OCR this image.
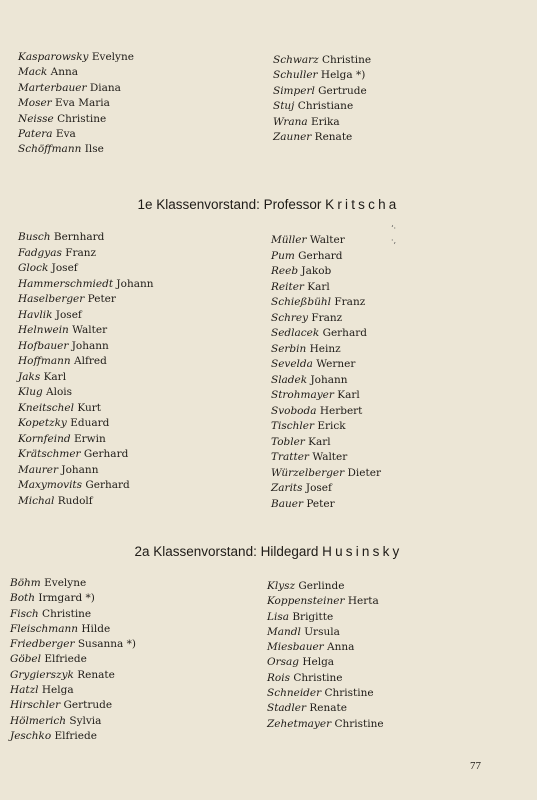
Kasparowsky Evelyne
Mack Anna
Marterbauer Diana
Moser Eva Maria
Neisse Christine
Patera Eva
Schöffmann Ilse
Schwarz Christine
Schuller Helga *)
Simperl Gertrude
Stuj Christiane
Wrana Erika
Zauner Renate
1e Klassenvorstand: Professor Kritscha
‘·
·‚
Busch Bernhard
Fadgyas Franz
Glock Josef
Hammerschmiedt Johann
Haselberger Peter
Havlik Josef
Helnwein Walter
Hofbauer Johann
Hoffmann Alfred
Jaks Karl
Klug Alois
Kneitschel Kurt
Kopetzky Eduard
Kornfeind Erwin
Krätschmer Gerhard
Maurer Johann
Maxymovits Gerhard
Michal Rudolf
Müller Walter
Pum Gerhard
Reeb Jakob
Reiter Karl
Schießbühl Franz
Schrey Franz
Sedlacek Gerhard
Serbin Heinz
Sevelda Werner
Sladek Johann
Strohmayer Karl
Svoboda Herbert
Tischler Erick
Tobler Karl
Tratter Walter
Würzelberger Dieter
Zarits Josef
Bauer Peter
2a Klassenvorstand: Hildegard Husinsky
Böhm Evelyne
Both Irmgard *)
Fisch Christine
Fleischmann Hilde
Friedberger Susanna *)
Göbel Elfriede
Grygierszyk Renate
Hatzl Helga
Hirschler Gertrude
Hölmerich Sylvia
Jeschko Elfriede
Klysz Gerlinde
Koppensteiner Herta
Lisa Brigitte
Mandl Ursula
Miesbauer Anna
Orsag Helga
Rois Christine
Schneider Christine
Stadler Renate
Zehetmayer Christine
77
